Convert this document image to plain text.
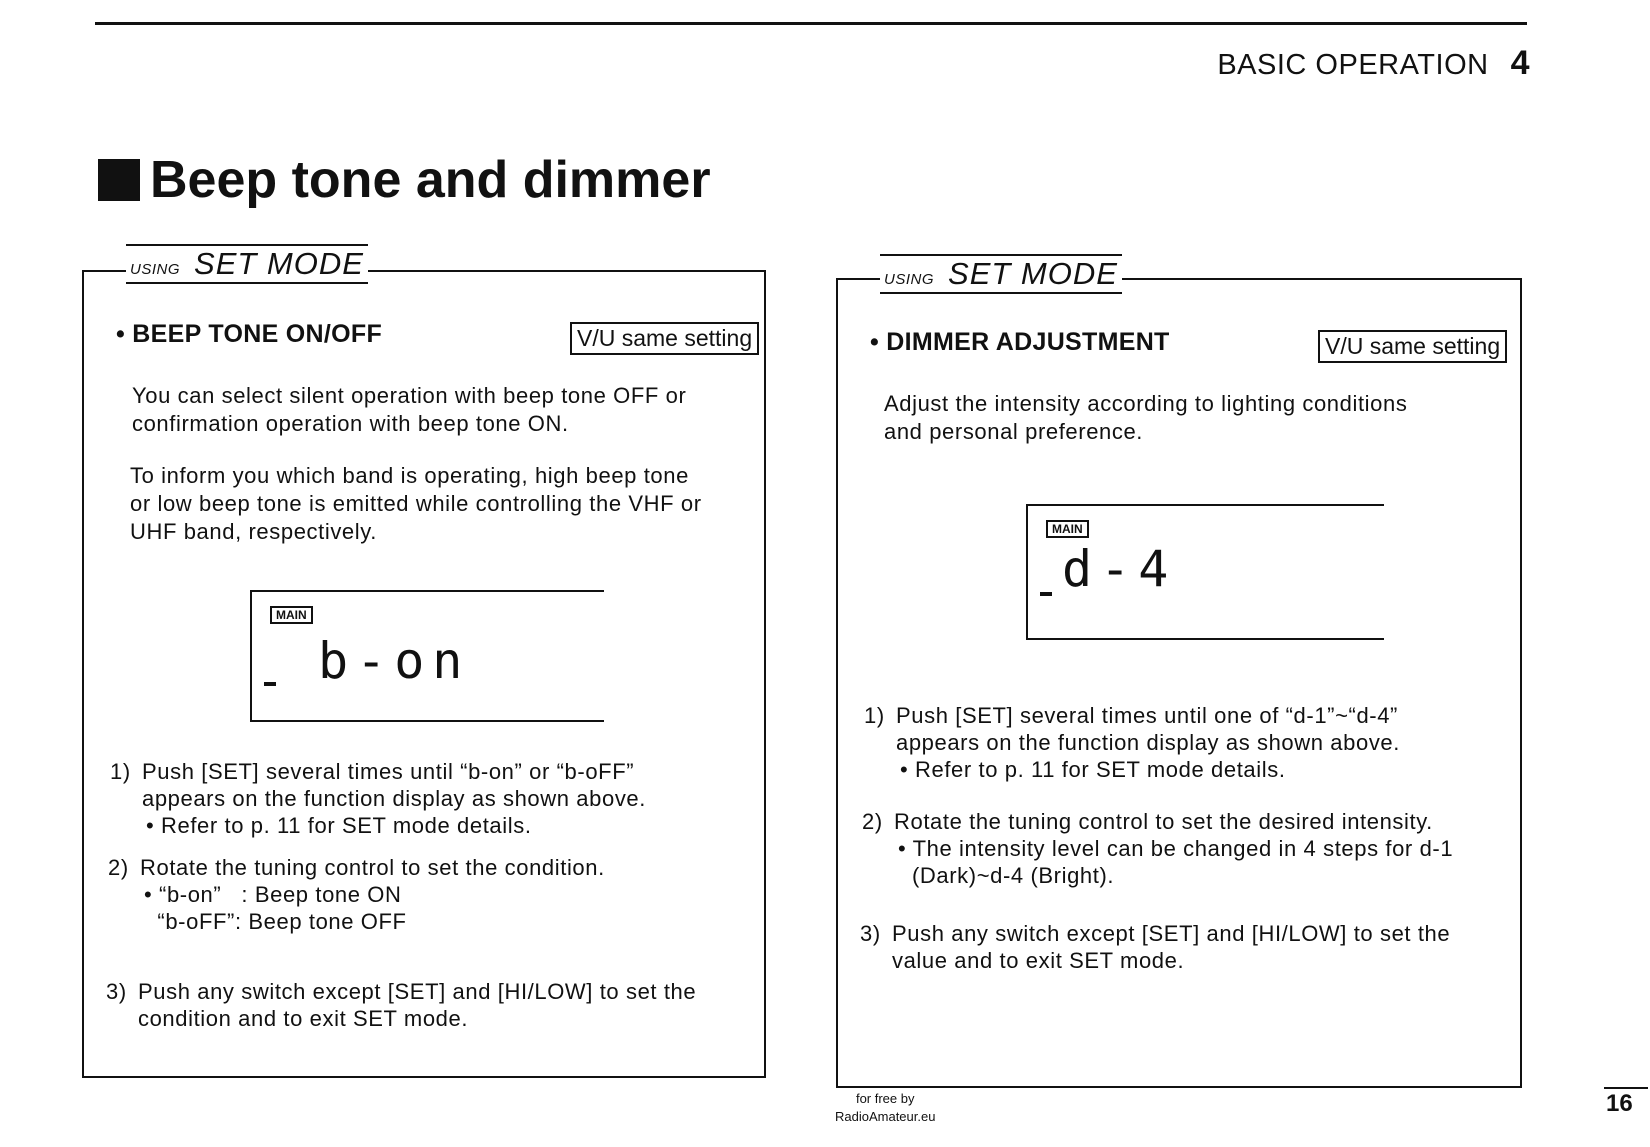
BASIC OPERATION 4
Beep tone and dimmer
USING SET MODE
• BEEP TONE ON/OFF	V/U same setting
You can select silent operation with beep tone OFF or
confirmation operation with beep tone ON.
To inform you which band is operating, high beep tone
or low beep tone is emitted while controlling the VHF or
UHF band, respectively.
MAIN
b-on
1) Push [SET] several times until “b-on” or “b-oFF”
appears on the function display as shown above.
• Refer to p. 11 for SET mode details.
2) Rotate the tuning control to set the condition.
• “b-on”   : Beep tone ON
“b-oFF”: Beep tone OFF
3) Push any switch except [SET] and [HI/LOW] to set the
condition and to exit SET mode.
USING SET MODE
• DIMMER ADJUSTMENT	V/U same setting
Adjust the intensity according to lighting conditions
and personal preference.
MAIN
d-4
1) Push [SET] several times until one of “d-1”~“d-4”
appears on the function display as shown above.
• Refer to p. 11 for SET mode details.
2) Rotate the tuning control to set the desired intensity.
• The intensity level can be changed in 4 steps for d-1
(Dark)~d-4 (Bright).
3) Push any switch except [SET] and [HI/LOW] to set the
value and to exit SET mode.
for free by
RadioAmateur.eu	16
